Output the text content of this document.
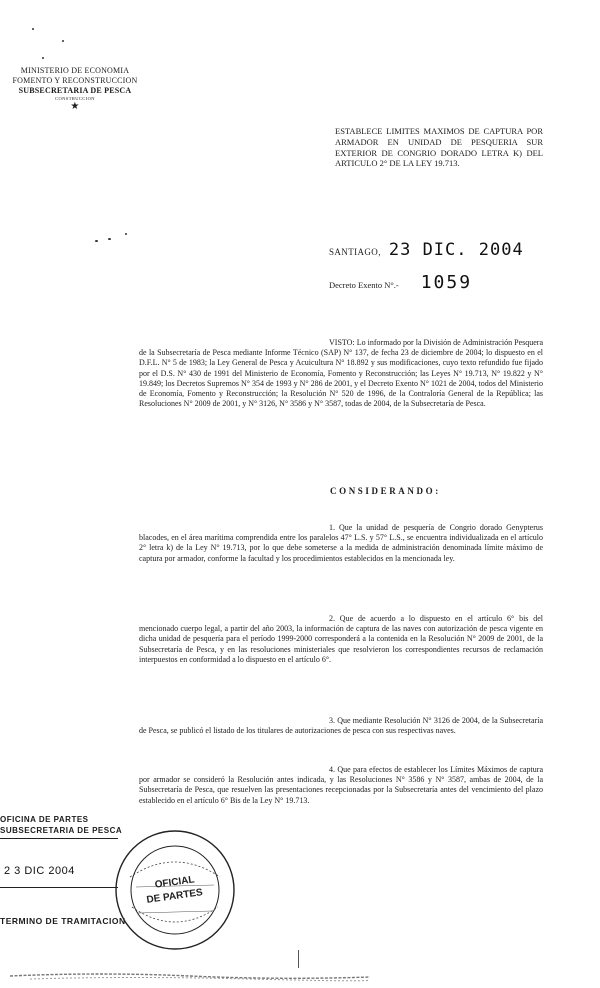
MINISTERIO DE ECONOMIA
FOMENTO Y RECONSTRUCCION
SUBSECRETARIA DE PESCA
CONSTRUCCION
★
ESTABLECE LIMITES MAXIMOS DE CAPTURA POR ARMADOR EN UNIDAD DE PESQUERIA SUR EXTERIOR DE CONGRIO DORADO LETRA K) DEL ARTICULO 2° DE LA LEY 19.713.
SANTIAGO, 23 DIC. 2004
Decreto Exento N°.- 1059

VISTO: Lo informado por la División de Administración Pesquera de la Subsecretaría de Pesca mediante Informe Técnico (SAP) N° 137, de fecha 23 de diciembre de 2004; lo dispuesto en el D.F.L. N° 5 de 1983; la Ley General de Pesca y Acuicultura N° 18.892 y sus modificaciones, cuyo texto refundido fue fijado por el D.S. N° 430 de 1991 del Ministerio de Economía, Fomento y Reconstrucción; las Leyes N° 19.713, N° 19.822 y N° 19.849; los Decretos Supremos N° 354 de 1993 y N° 286 de 2001, y el Decreto Exento N° 1021 de 2004, todos del Ministerio de Economía, Fomento y Reconstrucción; la Resolución N° 520 de 1996, de la Contraloría General de la República; las Resoluciones N° 2009 de 2001, y N° 3126, N° 3586 y N° 3587, todas de 2004, de la Subsecretaría de Pesca.

CONSIDERANDO:

1. Que la unidad de pesquería de Congrio dorado Genypterus blacodes, en el área marítima comprendida entre los paralelos 47° L.S. y 57° L.S., se encuentra individualizada en el artículo 2° letra k) de la Ley N° 19.713, por lo que debe someterse a la medida de administración denominada límite máximo de captura por armador, conforme la facultad y los procedimientos establecidos en la mencionada ley.

2. Que de acuerdo a lo dispuesto en el artículo 6° bis del mencionado cuerpo legal, a partir del año 2003, la información de captura de las naves con autorización de pesca vigente en dicha unidad de pesquería para el período 1999-2000 corresponderá a la contenida en la Resolución N° 2009 de 2001, de la Subsecretaría de Pesca, y en las resoluciones ministeriales que resolvieron los correspondientes recursos de reclamación interpuestos en conformidad a lo dispuesto en el artículo 6°.

3. Que mediante Resolución N° 3126 de 2004, de la Subsecretaría de Pesca, se publicó el listado de los titulares de autorizaciones de pesca con sus respectivas naves.

4. Que para efectos de establecer los Límites Máximos de captura por armador se consideró la Resolución antes indicada, y las Resoluciones N° 3586 y N° 3587, ambas de 2004, de la Subsecretaría de Pesca, que resuelven las presentaciones recepcionadas por la Subsecretaría antes del vencimiento del plazo establecido en el artículo 6° Bis de la Ley N° 19.713.

OFICINA DE PARTES
SUBSECRETARIA DE PESCA
2 3 DIC 2004
TERMINO DE TRAMITACION
OFICIAL
DE PARTES
